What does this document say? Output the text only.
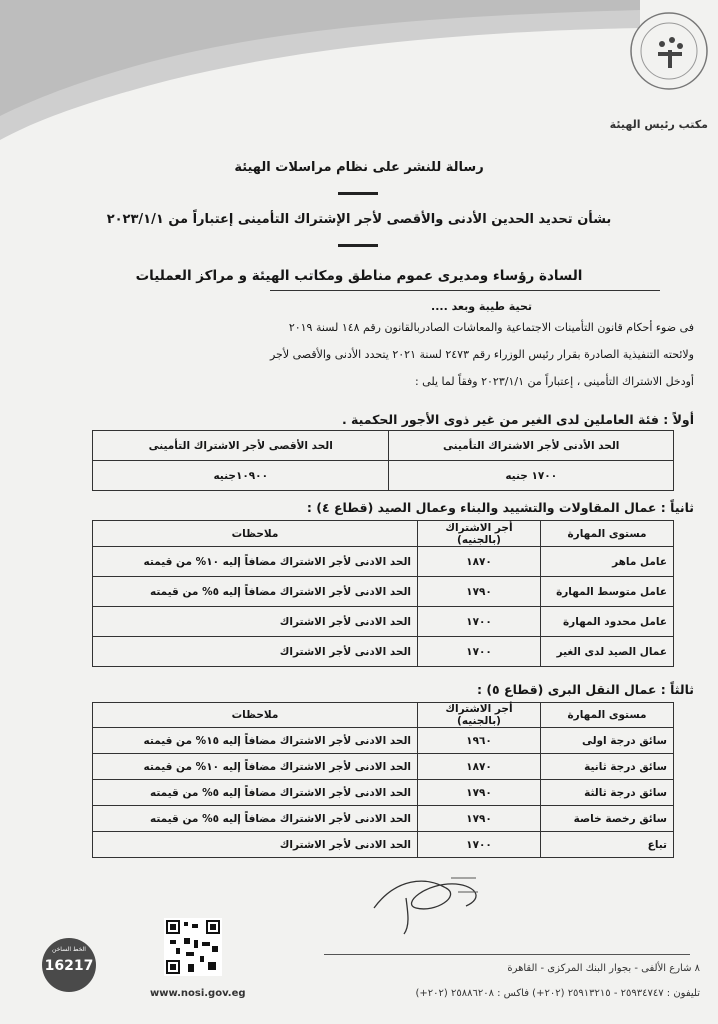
مكتب رئيس الهيئة
رسالة للنشر على نظام مراسلات الهيئة
بشأن تحديد الحدين الأدنى والأقصى لأجر الإشتراك التأمينى إعتباراً من ٢٠٢٣/١/١
السادة رؤساء ومديرى عموم مناطق ومكاتب الهيئة و مراكز العمليات
تحية طيبة وبعد ....
فى ضوء أحكام قانون التأمينات الاجتماعية والمعاشات الصادربالقانون رقم ١٤٨ لسنة ٢٠١٩
ولائحته التنفيذية الصادرة بقرار رئيس الوزراء رقم ٢٤٧٣ لسنة ٢٠٢١ يتحدد الأدنى والأقصى لأجر
أودخل الاشتراك التأمينى ، إعتباراً من ٢٠٢٣/١/١ وفقاً لما يلى :
أولاً : فئة العاملين لدى الغير من غير ذوى الأجور الحكمية .
الحد الأدنى لأجر الاشتراك التأمينى	الحد الأقصى لأجر الاشتراك التأمينى
١٧٠٠ جنيه	١٠٩٠٠جنيه
ثانياً : عمال المقاولات والتشييد والبناء وعمال الصيد (قطاع ٤) :
مستوى المهارة	أجر الاشتراك (بالجنيه)	ملاحظات
عامل ماهر	١٨٧٠	الحد الادنى لأجر الاشتراك مضافاً إليه ١٠% من قيمته
عامل متوسط المهارة	١٧٩٠	الحد الادنى لأجر الاشتراك مضافاً إليه ٥% من قيمته
عامل محدود المهارة	١٧٠٠	الحد الادنى لأجر الاشتراك
عمال الصيد لدى الغير	١٧٠٠	الحد الادنى لأجر الاشتراك
ثالثاً : عمال النقل البرى (قطاع ٥) :
مستوى المهارة	أجر الاشتراك (بالجنيه)	ملاحظات
سائق درجة اولى	١٩٦٠	الحد الادنى لأجر الاشتراك مضافاً إليه ١٥% من قيمته
سائق درجة ثانية	١٨٧٠	الحد الادنى لأجر الاشتراك مضافاً إليه ١٠% من قيمته
سائق درجة ثالثة	١٧٩٠	الحد الادنى لأجر الاشتراك مضافاً إليه ٥% من قيمته
سائق رخصة خاصة	١٧٩٠	الحد الادنى لأجر الاشتراك مضافاً إليه ٥% من قيمته
تباع	١٧٠٠	الحد الادنى لأجر الاشتراك
www.nosi.gov.eg
الخط الساخن
16217	٨ شارع الألفى - بجوار البنك المركزى - القاهرة
تليفون : ٢٥٩٣٤٧٤٧ - ٢٥٩١٣٢١٥ (٢٠٢+) فاكس : ٢٥٨٨٦٢٠٨ (٢٠٢+)
